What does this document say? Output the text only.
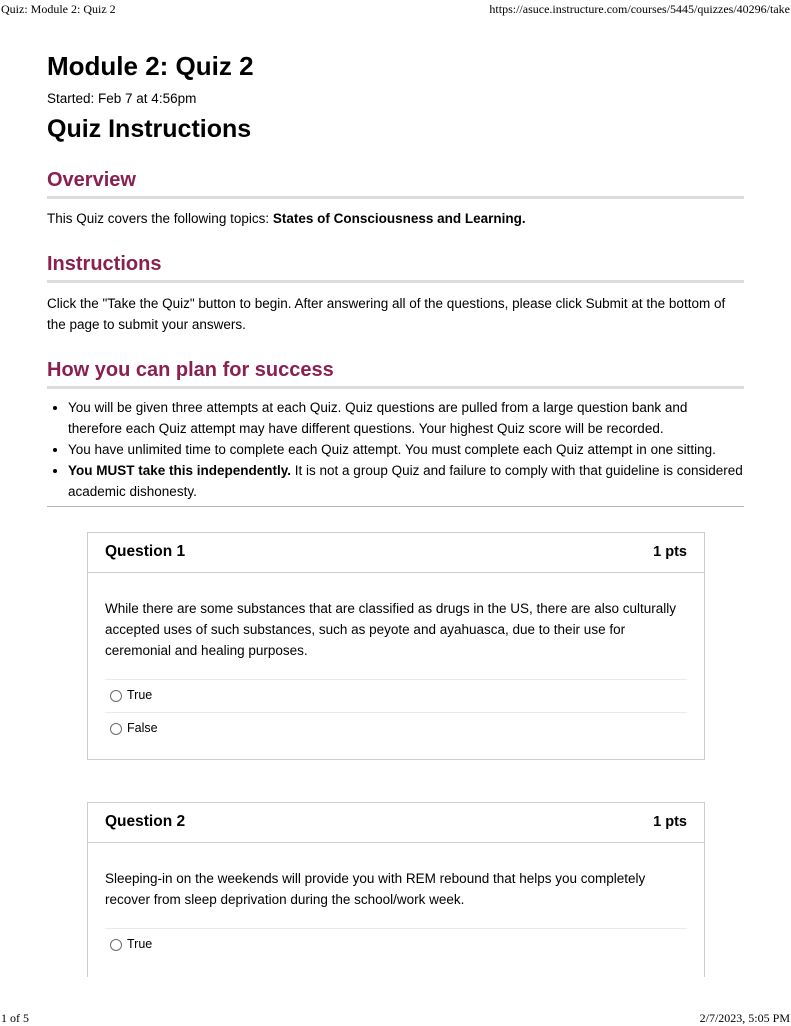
Quiz: Module 2: Quiz 2	https://asuce.instructure.com/courses/5445/quizzes/40296/take
Module 2: Quiz 2
Started: Feb 7 at 4:56pm
Quiz Instructions
Overview
This Quiz covers the following topics: States of Consciousness and Learning.
Instructions
Click the "Take the Quiz" button to begin. After answering all of the questions, please click Submit at the bottom of the page to submit your answers.
How you can plan for success
• You will be given three attempts at each Quiz. Quiz questions are pulled from a large question bank and therefore each Quiz attempt may have different questions. Your highest Quiz score will be recorded.
• You have unlimited time to complete each Quiz attempt. You must complete each Quiz attempt in one sitting.
• You MUST take this independently. It is not a group Quiz and failure to comply with that guideline is considered academic dishonesty.
Question 1	1 pts
While there are some substances that are classified as drugs in the US, there are also culturally accepted uses of such substances, such as peyote and ayahuasca, due to their use for ceremonial and healing purposes.
True
False
Question 2	1 pts
Sleeping-in on the weekends will provide you with REM rebound that helps you completely recover from sleep deprivation during the school/work week.
True
1 of 5	2/7/2023, 5:05 PM
